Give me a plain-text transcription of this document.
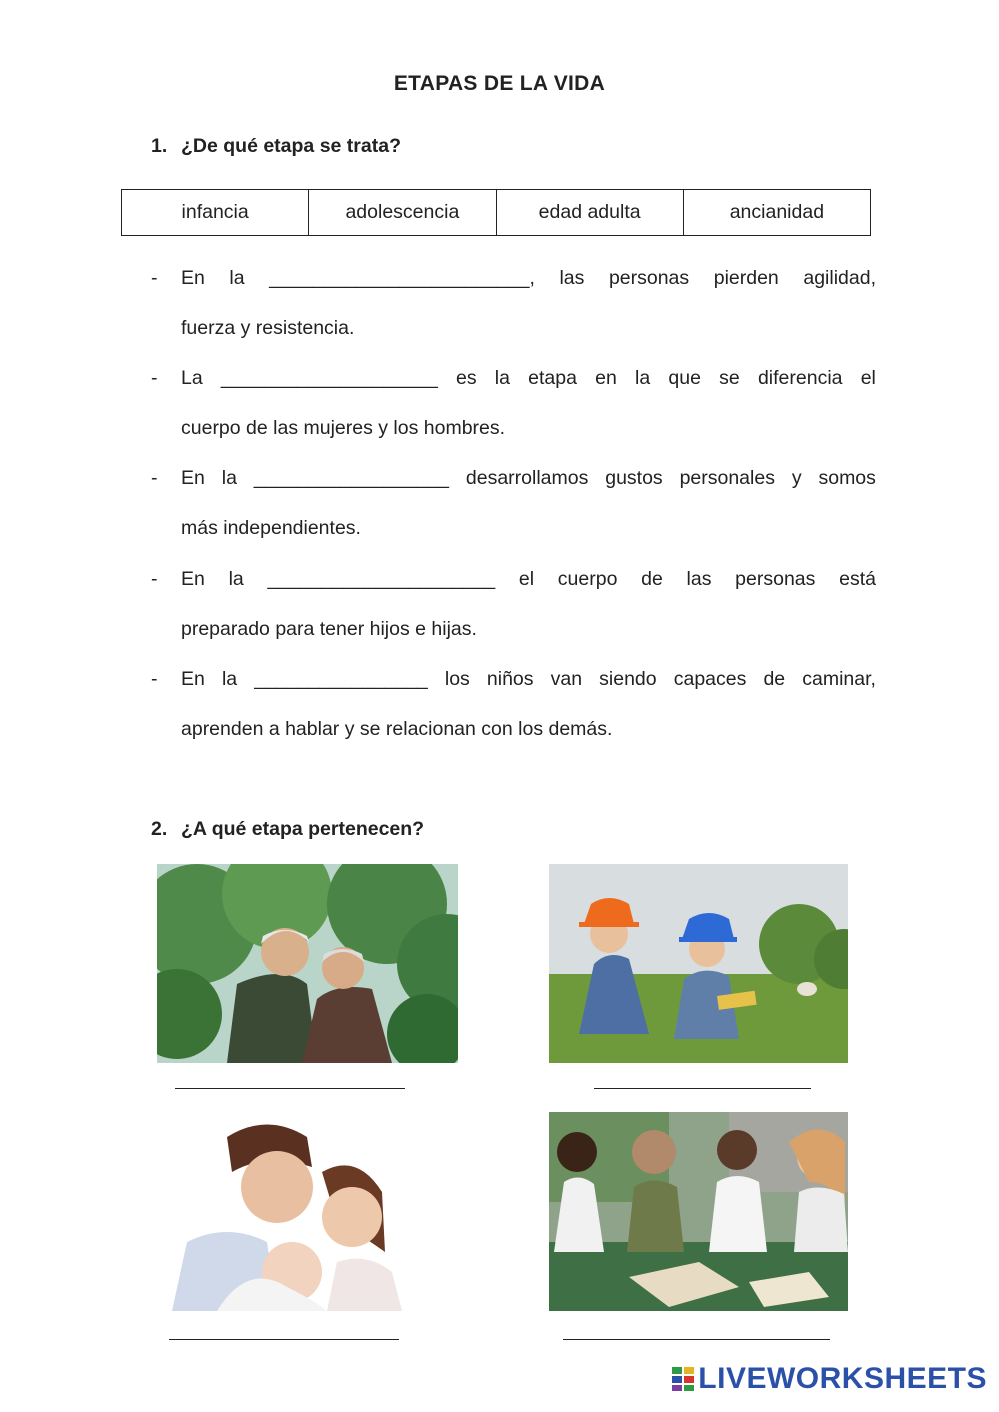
ETAPAS DE LA VIDA
1. ¿De qué etapa se trata?
infancia	adolescencia	edad adulta	ancianidad
- En la ________________________, las personas pierden agilidad,
fuerza y resistencia.
- La ____________________ es la etapa en la que se diferencia el
cuerpo de las mujeres y los hombres.
- En la __________________ desarrollamos gustos personales y somos
más independientes.
- En la _____________________ el cuerpo de las personas está
preparado para tener hijos e hijas.
- En la ________________ los niños van siendo capaces de caminar,
aprenden a hablar y se relacionan con los demás.
2. ¿A qué etapa pertenecen?
LIVEWORKSHEETS
